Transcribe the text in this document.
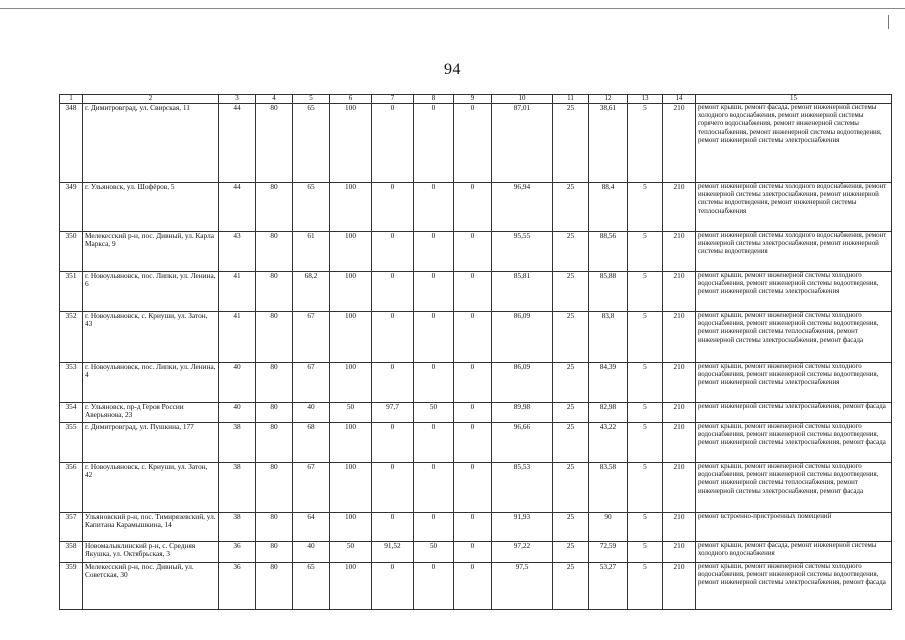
94
1	2	3	4	5	6	7	8	9	10	11	12	13	14	15
348	г. Димитровград, ул. Свирская, 11	44	80	65	100	0	0	0	87,01	25	38,61	5	210	ремонт крыши, ремонт фасада, ремонт инженерной системы холодного водоснабжения, ремонт инженерной системы горячего водоснабжения, ремонт инженерной системы теплоснабжения, ремонт инженерной системы водоотведения, ремонт инженерной системы электроснабжения
349	г. Ульяновск, ул. Шофёров, 5	44	80	65	100	0	0	0	96,94	25	88,4	5	210	ремонт инженерной системы холодного водоснабжения, ремонт инженерной системы электроснабжения, ремонт инженерной системы водоотведения, ремонт инженерной системы теплоснабжения
350	Мелекесский р-н, пос. Дивный, ул. Карла Маркса, 9	43	80	61	100	0	0	0	95,55	25	88,56	5	210	ремонт инженерной системы холодного водоснабжения, ремонт инженерной системы электроснабжения, ремонт инженерной системы водоотведения
351	г. Новоульяновск, пос. Липки, ул. Ленина, 6	41	80	68,2	100	0	0	0	85,81	25	85,88	5	210	ремонт крыши, ремонт инженерной системы холодного водоснабжения, ремонт инженерной системы водоотведения, ремонт инженерной системы электроснабжения
352	г. Новоульяновск, с. Криуши, ул. Затон, 43	41	80	67	100	0	0	0	86,09	25	83,8	5	210	ремонт крыши, ремонт инженерной системы холодного водоснабжения, ремонт инженерной системы водоотведения, ремонт инженерной системы теплоснабжения, ремонт инженерной системы электроснабжения, ремонт фасада
353	г. Новоульяновск, пос. Липки, ул. Ленина, 4	40	80	67	100	0	0	0	86,09	25	84,39	5	210	ремонт крыши, ремонт инженерной системы холодного водоснабжения, ремонт инженерной системы водоотведения, ремонт инженерной системы электроснабжения
354	г. Ульяновск, пр-д Героя России Аверьянова, 23	40	80	40	50	97,7	50	0	89,98	25	82,98	5	210	ремонт инженерной системы электроснабжения, ремонт фасада
355	г. Димитровград, ул. Пушкина, 177	38	80	68	100	0	0	0	96,66	25	43,22	5	210	ремонт крыши, ремонт инженерной системы холодного водоснабжения, ремонт инженерной системы водоотведения, ремонт инженерной системы электроснабжения, ремонт фасада
356	г. Новоульяновск, с. Криуши, ул. Затон, 42	38	80	67	100	0	0	0	85,53	25	83,58	5	210	ремонт крыши, ремонт инженерной системы холодного водоснабжения, ремонт инженерной системы водоотведения, ремонт инженерной системы теплоснабжения, ремонт инженерной системы электроснабжения, ремонт фасада
357	Ульяновский р-н, пос. Тимирязевский, ул. Капитана Карамышкина, 14	38	80	64	100	0	0	0	91,93	25	90	5	210	ремонт встроенно-пристроенных помещений
358	Новомалыклинский р-н, с. Средняя Якушка, ул. Октябрьская, 3	36	80	40	50	91,52	50	0	97,22	25	72,59	5	210	ремонт крыши, ремонт фасада, ремонт инженерной системы холодного водоснабжения
359	Мелекесский р-н, пос. Дивный, ул. Советская, 30	36	80	65	100	0	0	0	97,5	25	53,27	5	210	ремонт крыши, ремонт инженерной системы холодного водоснабжения, ремонт инженерной системы водоотведения, ремонт инженерной системы электроснабжения, ремонт фасада
